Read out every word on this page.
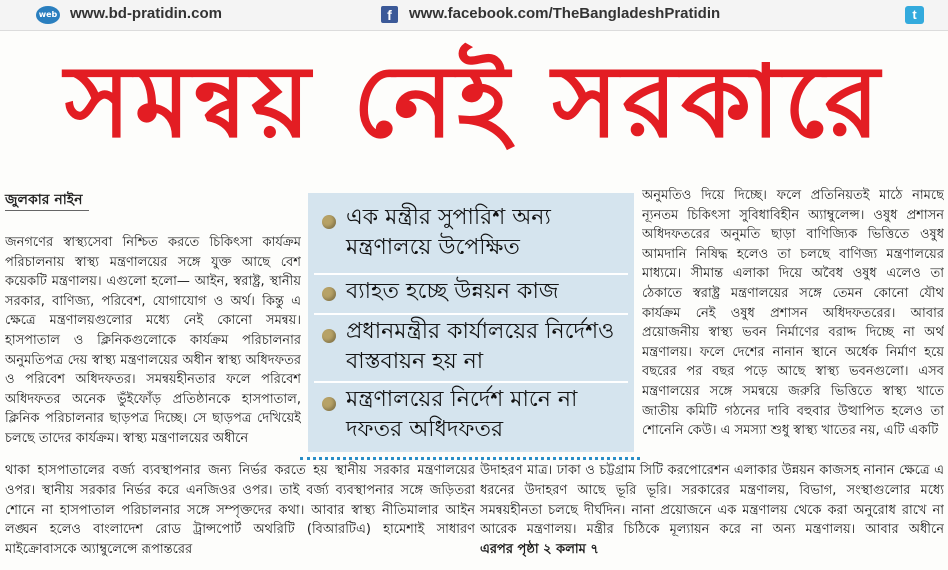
web www.bd-pratidin.com	f	www.facebook.com/TheBangladeshPratidin	t
সমন্বয় নেই সরকারে
জুলকার নাইন

জনগণের স্বাস্থ্যসেবা নিশ্চিত করতে চিকিৎসা কার্যক্রম পরিচালনায় স্বাস্থ্য মন্ত্রণালয়ের সঙ্গে যুক্ত আছে বেশ কয়েকটি মন্ত্রণালয়। এগুলো হলো— আইন, স্বরাষ্ট্র, স্থানীয় সরকার, বাণিজ্য, পরিবেশ, যোগাযোগ ও অর্থ। কিন্তু এ ক্ষেত্রে মন্ত্রণালয়গুলোর মধ্যে নেই কোনো সমন্বয়। হাসপাতাল ও ক্লিনিকগুলোকে কার্যক্রম পরিচালনার অনুমতিপত্র দেয় স্বাস্থ্য মন্ত্রণালয়ের অধীন স্বাস্থ্য অধিদফতর ও পরিবেশ অধিদফতর। সমন্বয়হীনতার ফলে পরিবেশ অধিদফতর অনেক ভুঁইফোঁড় প্রতিষ্ঠানকে হাসপাতাল, ক্লিনিক পরিচালনার ছাড়পত্র দিচ্ছে। সে ছাড়পত্র দেখিয়েই চলছে তাদের কার্যক্রম। স্বাস্থ্য মন্ত্রণালয়ের অধীনে

এক মন্ত্রীর সুপারিশ অন্য মন্ত্রণালয়ে উপেক্ষিত
ব্যাহত হচ্ছে উন্নয়ন কাজ
প্রধানমন্ত্রীর কার্যালয়ের নির্দেশও বাস্তবায়ন হয় না
মন্ত্রণালয়ের নির্দেশ মানে না দফতর অধিদফতর

অনুমতিও দিয়ে দিচ্ছে। ফলে প্রতিনিয়তই মাঠে নামছে ন্যূনতম চিকিৎসা সুবিধাবিহীন অ্যাম্বুলেন্স। ওষুধ প্রশাসন অধিদফতরের অনুমতি ছাড়া বাণিজ্যিক ভিত্তিতে ওষুধ আমদানি নিষিদ্ধ হলেও তা চলছে বাণিজ্য মন্ত্রণালয়ের মাধ্যমে। সীমান্ত এলাকা দিয়ে অবৈধ ওষুধ এলেও তা ঠেকাতে স্বরাষ্ট্র মন্ত্রণালয়ের সঙ্গে তেমন কোনো যৌথ কার্যক্রম নেই ওষুধ প্রশাসন অধিদফতরের। আবার প্রয়োজনীয় স্বাস্থ্য ভবন নির্মাণের বরাদ্দ দিচ্ছে না অর্থ মন্ত্রণালয়। ফলে দেশের নানান স্থানে অর্ধেক নির্মাণ হয়ে বছরের পর বছর পড়ে আছে স্বাস্থ্য ভবনগুলো। এসব মন্ত্রণালয়ের সঙ্গে সমন্বয়ে জরুরি ভিত্তিতে স্বাস্থ্য খাতে জাতীয় কমিটি গঠনের দাবি বহুবার উত্থাপিত হলেও তা শোনেনি কেউ। এ সমস্যা শুধু স্বাস্থ্য খাতের নয়, এটি একটি

থাকা হাসপাতালের বর্জ্য ব্যবস্থাপনার জন্য নির্ভর করতে হয় স্থানীয় সরকার মন্ত্রণালয়ের ওপর। স্থানীয় সরকার নির্ভর করে এনজিওর ওপর। তাই বর্জ্য ব্যবস্থাপনার সঙ্গে জড়িতরা শোনে না হাসপাতাল পরিচালনার সঙ্গে সম্পৃক্তদের কথা। আবার স্বাস্থ্য নীতিমালার আইন লঙ্ঘন হলেও বাংলাদেশ রোড ট্রান্সপোর্ট অথরিটি (বিআরটিএ) হামেশাই সাধারণ মাইক্রোবাসকে অ্যাম্বুলেন্সে রূপান্তরের
উদাহরণ মাত্র। ঢাকা ও চট্টগ্রাম সিটি করপোরেশন এলাকার উন্নয়ন কাজসহ নানান ক্ষেত্রে এ ধরনের উদাহরণ আছে ভূরি ভূরি। সরকারের মন্ত্রণালয়, বিভাগ, সংস্থাগুলোর মধ্যে সমন্বয়হীনতা চলছে দীর্ঘদিন। নানা প্রয়োজনে এক মন্ত্রণালয় থেকে করা অনুরোধ রাখে না আরেক মন্ত্রণালয়। মন্ত্রীর চিঠিকে মূল্যায়ন করে না অন্য মন্ত্রণালয়। আবার অধীনে এরপর পৃষ্ঠা ২ কলাম ৭
